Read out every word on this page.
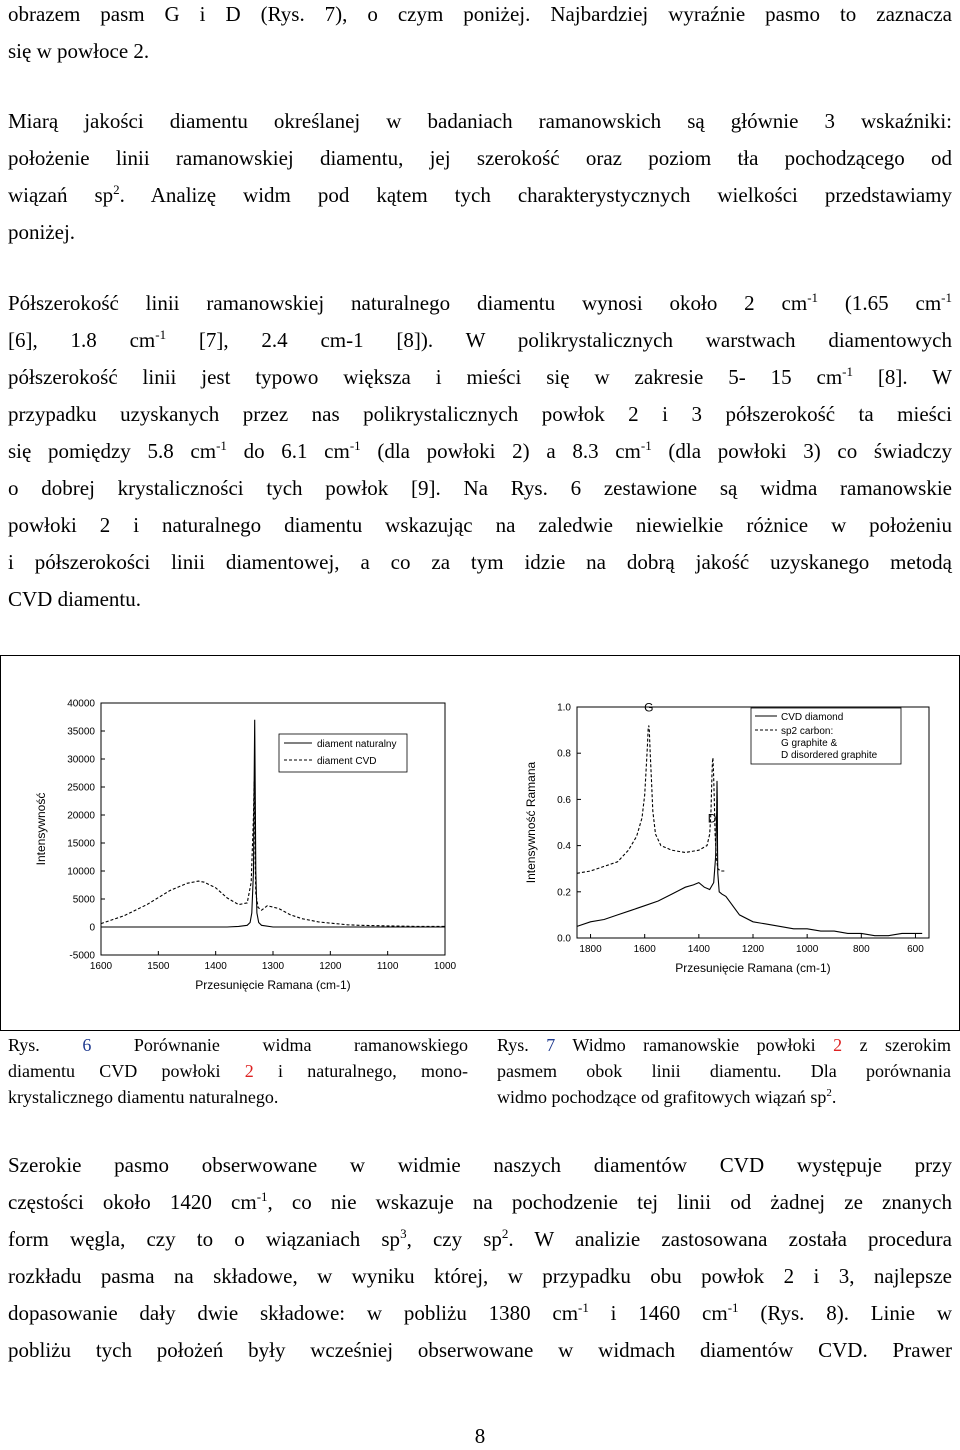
obrazem pasm G i D (Rys. 7), o czym poniżej. Najbardziej wyraźnie pasmo to zaznacza
się w powłoce 2.
Miarą jakości diamentu określanej w badaniach ramanowskich są głównie 3 wskaźniki:
położenie linii ramanowskiej diamentu, jej szerokość oraz poziom tła pochodzącego od
wiązań $sp^2$. Analizę widm pod kątem tych charakterystycznych wielkości przedstawiamy
poniżej.
Półszerokość linii ramanowskiej naturalnego diamentu wynosi około 2 $cm^{-1}$ (1.65 $cm^{-1}$
[6], 1.8 $cm^{-1}$ [7], 2.4 cm-1 [8]). W polikrystalicznych warstwach diamentowych
półszerokość linii jest typowo większa i mieści się w zakresie 5- 15 $cm^{-1}$ [8]. W
przypadku uzyskanych przez nas polikrystalicznych powłok 2 i 3 półszerokość ta mieści
się pomiędzy 5.8 $cm^{-1}$ do 6.1 $cm^{-1}$ (dla powłoki 2) a 8.3 $cm^{-1}$ (dla powłoki 3) co świadczy
o dobrej krystaliczności tych powłok [9]. Na Rys. 6 zestawione są widma ramanowskie
powłoki 2 i naturalnego diamentu wskazując na zaledwie niewielkie różnice w położeniu
i półszerokości linii diamentowej, a co za tym idzie na dobrą jakość uzyskanego metodą
CVD diamentu.
-5000
0
5000
10000
15000
20000
25000
30000
35000
40000
1600	1500	1400	1300	1200	1100	1000
Przesunięcie Ramana (cm-1)
Intensywność
diament naturalny
diament CVD
0.0
0.2
0.4
0.6
0.8
1.0
1800	1600	1400	1200	1000	800	600
Przesunięcie Ramana (cm-1)
Intensywność Ramana
G
D
CVD diamond
sp2 carbon:
G graphite &
D disordered graphite
Rys. 6 Porównanie widma ramanowskiego
diamentu CVD powłoki 2 i naturalnego, mono-
krystalicznego diamentu naturalnego.
Rys. 7 Widmo ramanowskie powłoki 2 z szerokim
pasmem obok linii diamentu. Dla porównania
widmo pochodzące od grafitowych wiązań $sp^2$.
Szerokie pasmo obserwowane w widmie naszych diamentów CVD występuje przy
częstości około 1420 $cm^{-1}$, co nie wskazuje na pochodzenie tej linii od żadnej ze znanych
form węgla, czy to o wiązaniach $sp^3$, czy $sp^2$. W analizie zastosowana została procedura
rozkładu pasma na składowe, w wyniku której, w przypadku obu powłok 2 i 3, najlepsze
dopasowanie dały dwie składowe: w pobliżu 1380 $cm^{-1}$ i 1460 $cm^{-1}$ (Rys. 8). Linie w
pobliżu tych położeń były wcześniej obserwowane w widmach diamentów CVD. Prawer
8
